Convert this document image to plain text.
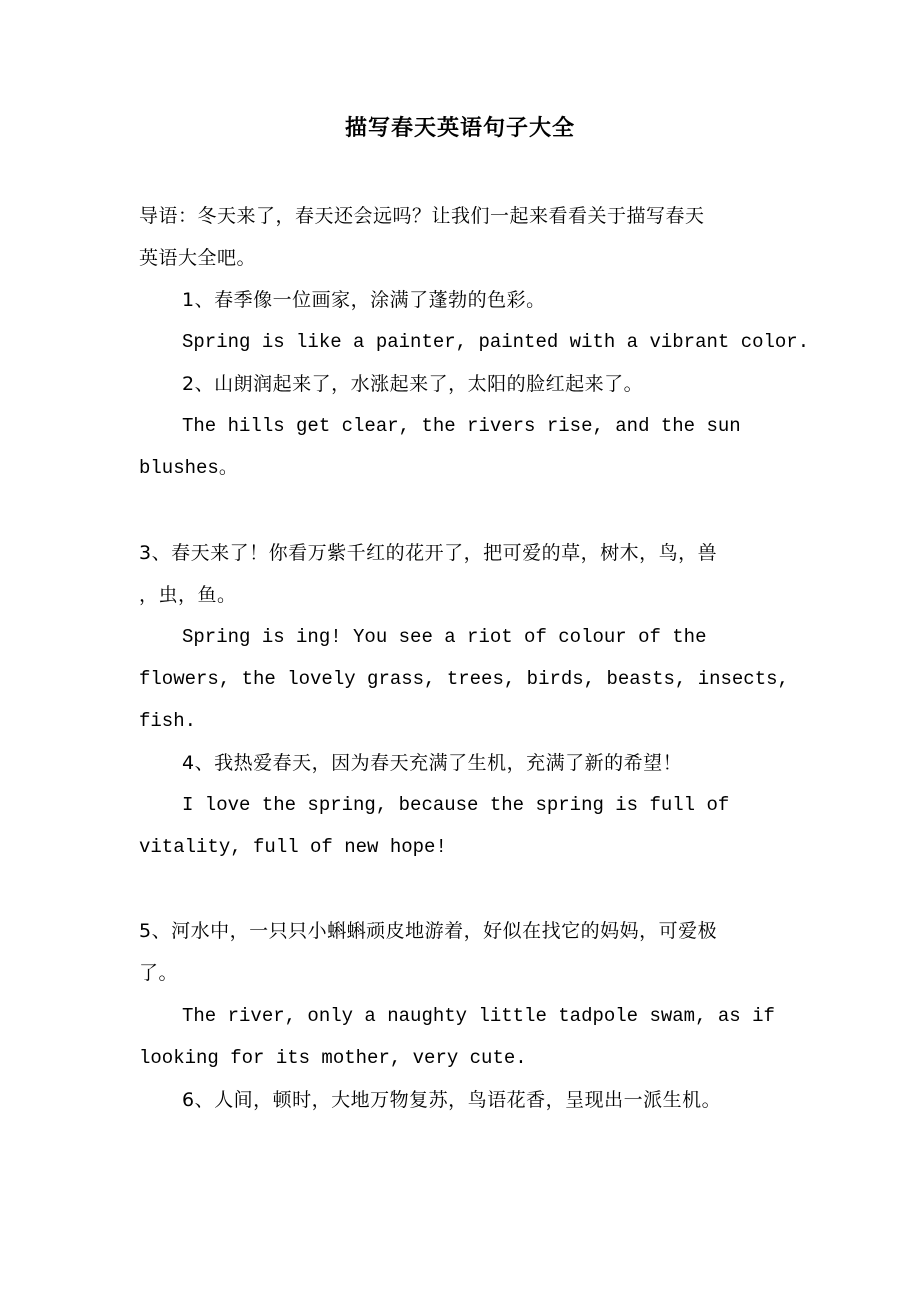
描写春天英语句子大全
导语：冬天来了，春天还会远吗？让我们一起来看看关于描写春天
英语大全吧。
1、春季像一位画家，涂满了蓬勃的色彩。
Spring is like a painter, painted with a vibrant color.
2、山朗润起来了，水涨起来了，太阳的脸红起来了。
The hills get clear, the rivers rise, and the sun
blushes。
3、春天来了！你看万紫千红的花开了，把可爱的草，树木，鸟，兽
，虫，鱼。
Spring is ing! You see a riot of colour of the
flowers, the lovely grass, trees, birds, beasts, insects,
fish.
4、我热爱春天，因为春天充满了生机，充满了新的希望！
I love the spring, because the spring is full of
vitality, full of new hope!
5、河水中，一只只小蝌蝌顽皮地游着，好似在找它的妈妈，可爱极
了。
The river, only a naughty little tadpole swam, as if
looking for its mother, very cute.
6、人间，顿时，大地万物复苏，鸟语花香，呈现出一派生机。
